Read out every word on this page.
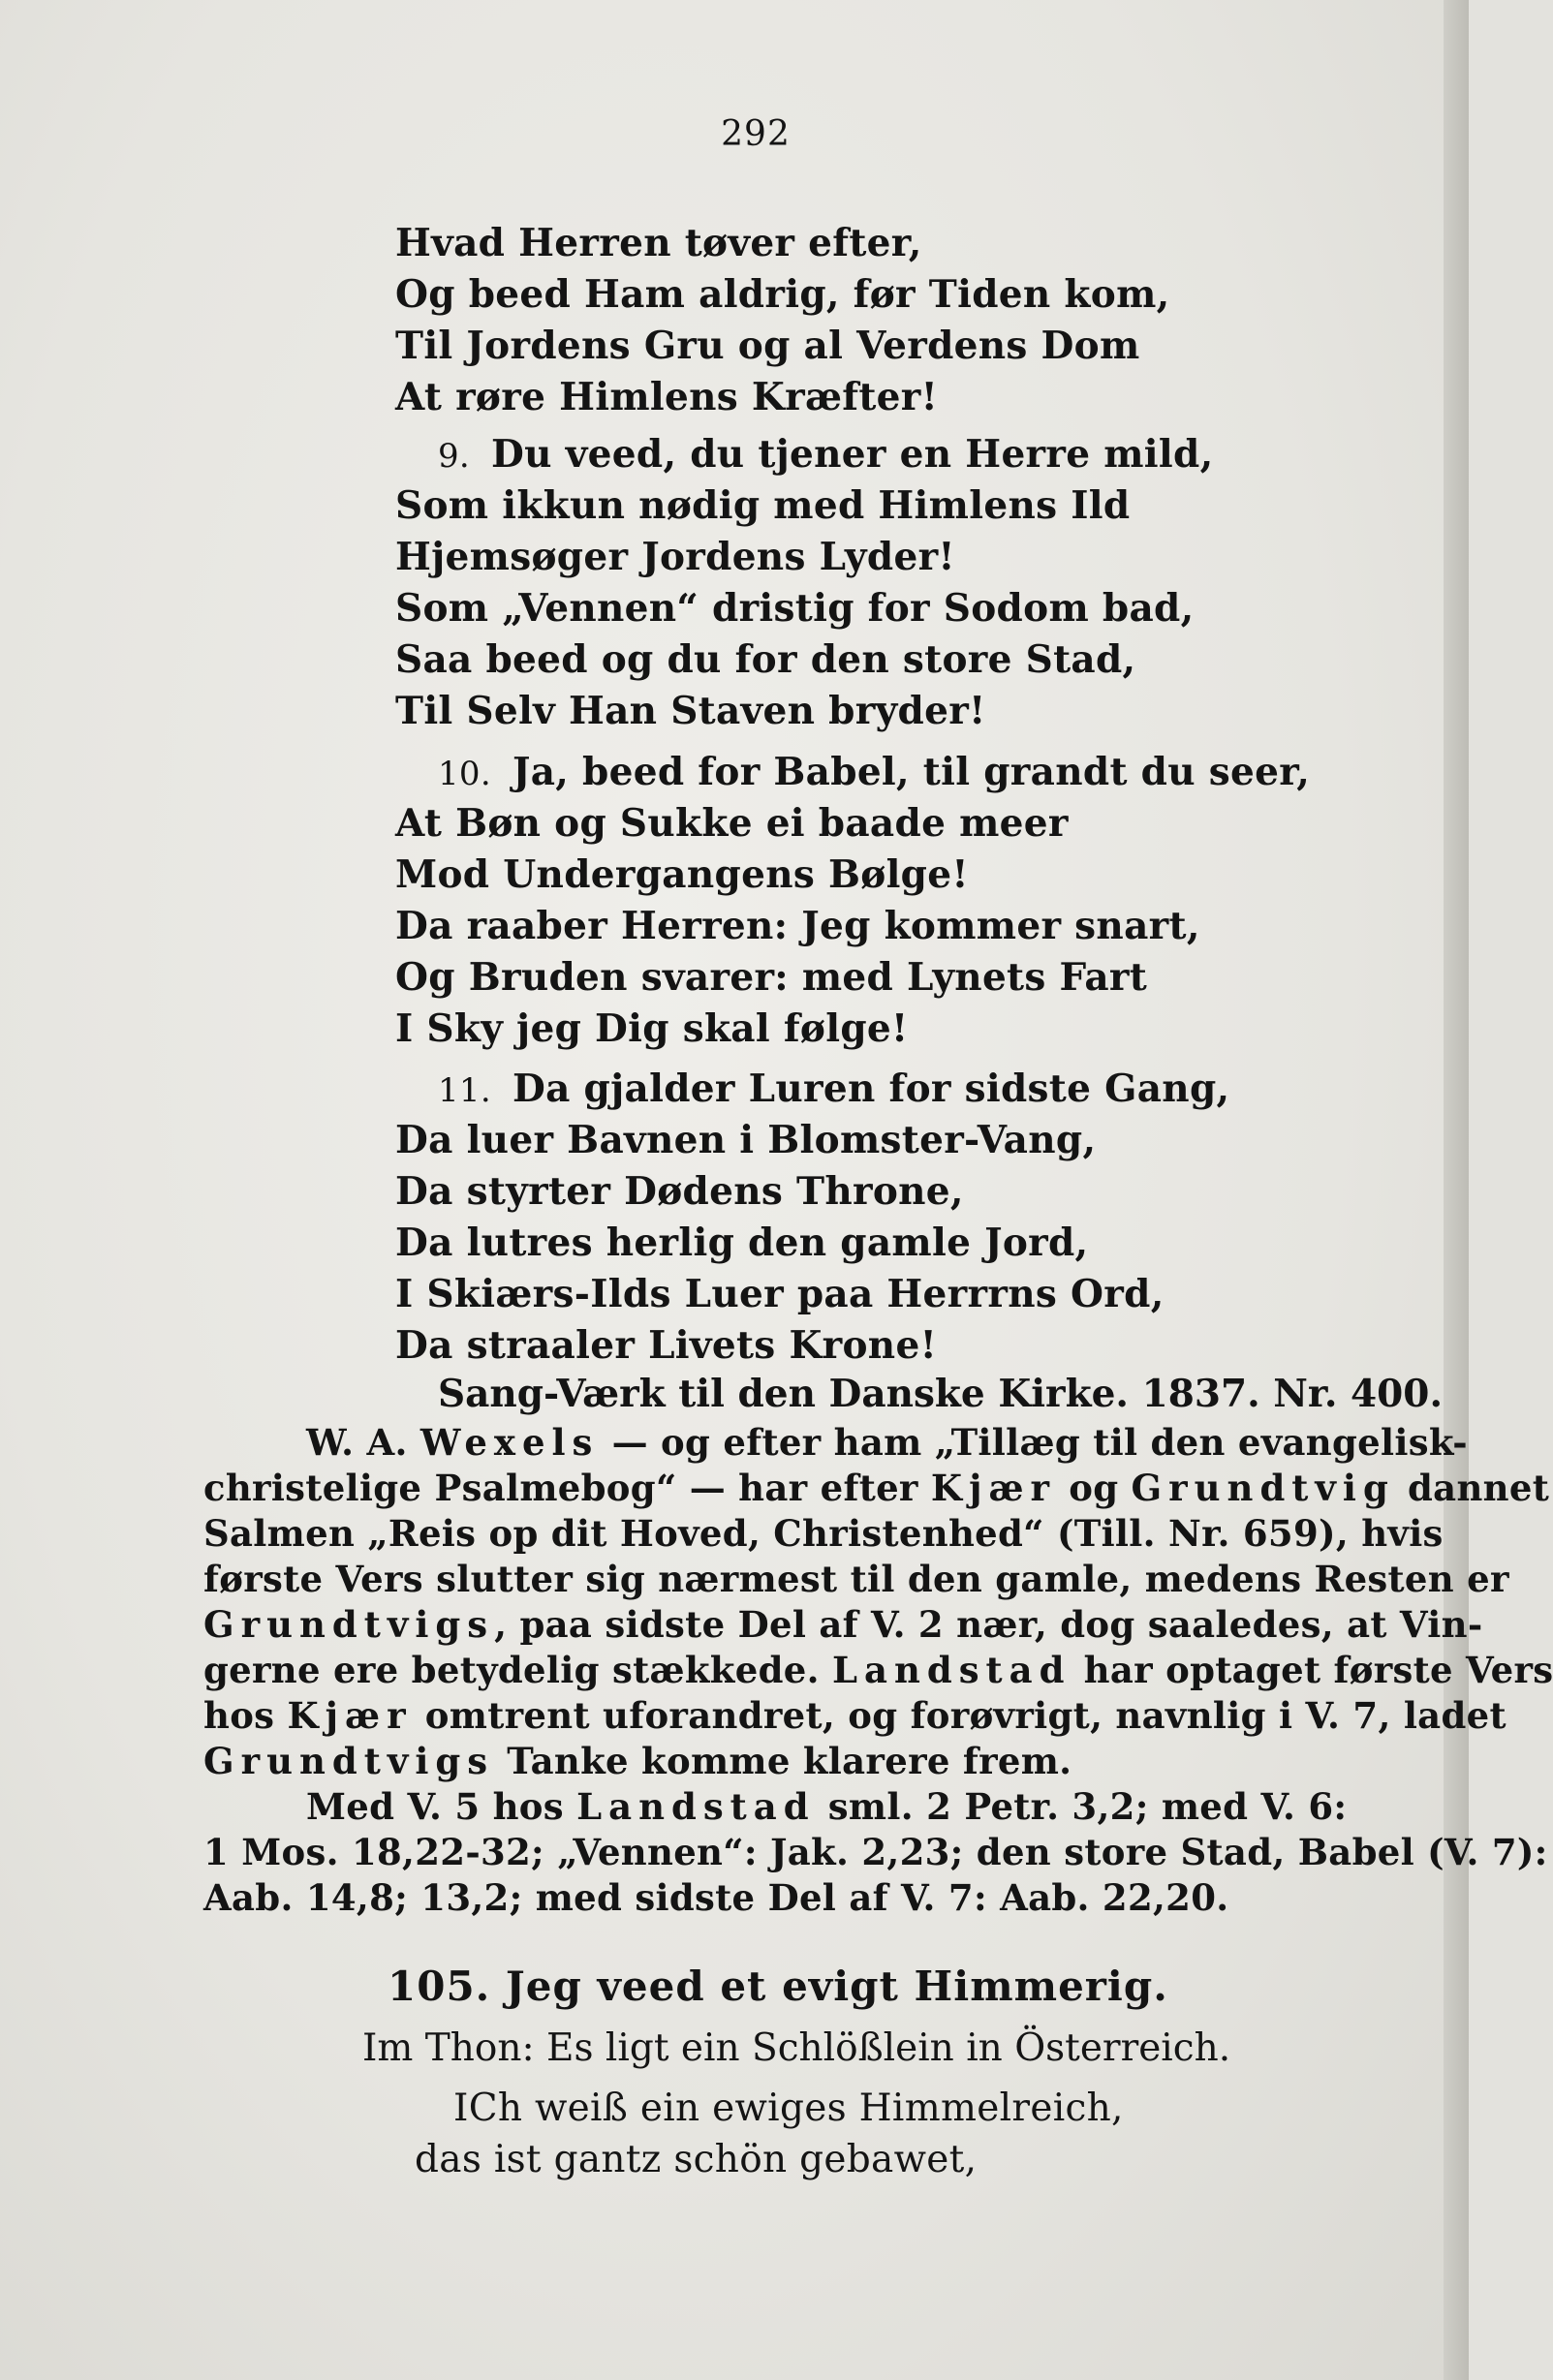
292
Hvad Herren tøver efter,
Og beed Ham aldrig, før Tiden kom,
Til Jordens Gru og al Verdens Dom
At røre Himlens Kræfter!
9. Du veed, du tjener en Herre mild,
Som ikkun nødig med Himlens Ild
Hjemsøger Jordens Lyder!
Som „Vennen“ dristig for Sodom bad,
Saa beed og du for den store Stad,
Til Selv Han Staven bryder!
10. Ja, beed for Babel, til grandt du seer,
At Bøn og Sukke ei baade meer
Mod Undergangens Bølge!
Da raaber Herren: Jeg kommer snart,
Og Bruden svarer: med Lynets Fart
I Sky jeg Dig skal følge!
11. Da gjalder Luren for sidste Gang,
Da luer Bavnen i Blomster-Vang,
Da styrter Dødens Throne,
Da lutres herlig den gamle Jord,
I Skiærs-Ilds Luer paa Herrrns Ord,
Da straaler Livets Krone!
Sang-Værk til den Danske Kirke. 1837. Nr. 400.
W. A. Wexels — og efter ham „Tillæg til den evangelisk-
christelige Psalmebog“ — har efter Kjær og Grundtvig dannet
Salmen „Reis op dit Hoved, Christenhed“ (Till. Nr. 659), hvis
første Vers slutter sig nærmest til den gamle, medens Resten er
Grundtvigs, paa sidste Del af V. 2 nær, dog saaledes, at Vin-
gerne ere betydelig stækkede. Landstad har optaget første Vers
hos Kjær omtrent uforandret, og forøvrigt, navnlig i V. 7, ladet
Grundtvigs Tanke komme klarere frem.
Med V. 5 hos Landstad sml. 2 Petr. 3,2; med V. 6:
1 Mos. 18,22-32; „Vennen“: Jak. 2,23; den store Stad, Babel (V. 7):
Aab. 14,8; 13,2; med sidste Del af V. 7: Aab. 22,20.
105. Jeg veed et evigt Himmerig.
Im Thon: Es ligt ein Schlößlein in Österreich.
ICh weiß ein ewiges Himmelreich,
das ist gantz schön gebawet,
